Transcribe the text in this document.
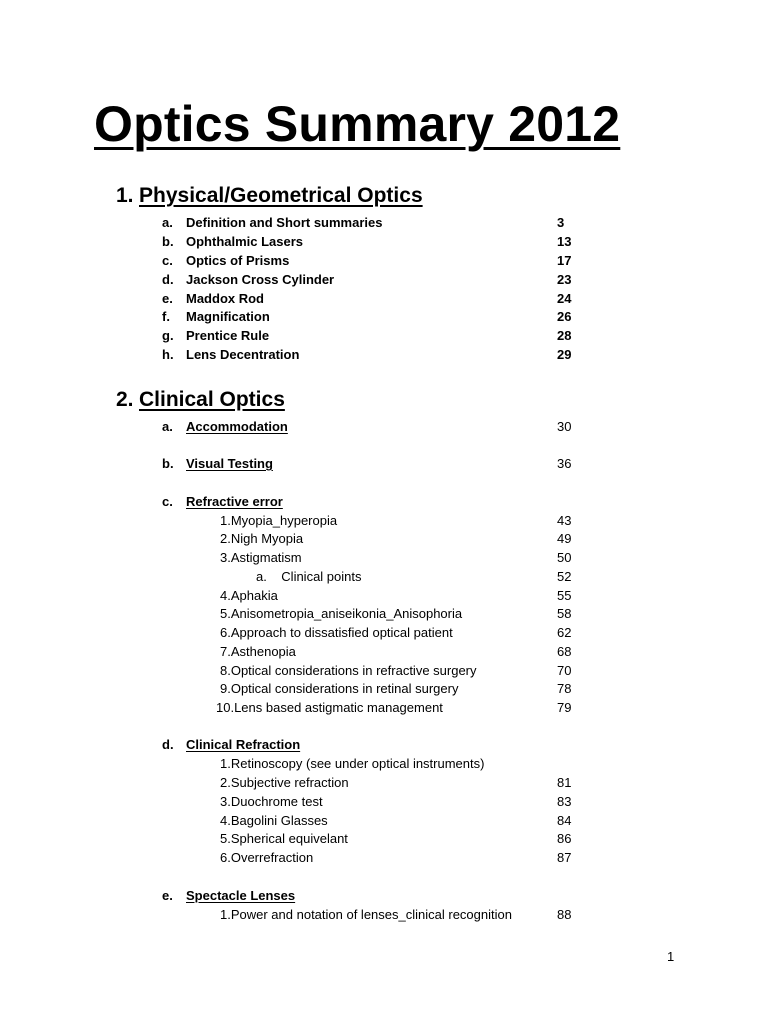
Optics Summary 2012
1. Physical/Geometrical Optics
a. Definition and Short summaries	3
b. Ophthalmic Lasers	13
c. Optics of Prisms	17
d. Jackson Cross Cylinder	23
e. Maddox Rod	24
f. Magnification	26
g. Prentice Rule	28
h. Lens Decentration	29
2. Clinical Optics
a. Accommodation	30
b. Visual Testing	36
c. Refractive error
1.Myopia_hyperopia	43
2.Nigh Myopia	49
3.Astigmatism	50
a.    Clinical points	52
4.Aphakia	55
5.Anisometropia_aniseikonia_Anisophoria	58
6.Approach to dissatisfied optical patient	62
7.Asthenopia	68
8.Optical considerations in refractive surgery	70
9.Optical considerations in retinal surgery	78
10.Lens based astigmatic management	79
d. Clinical Refraction
1.Retinoscopy (see under optical instruments)
2.Subjective refraction	81
3.Duochrome test	83
4.Bagolini Glasses	84
5.Spherical equivelant	86
6.Overrefraction	87
e. Spectacle Lenses
1.Power and notation of lenses_clinical recognition	88
1
